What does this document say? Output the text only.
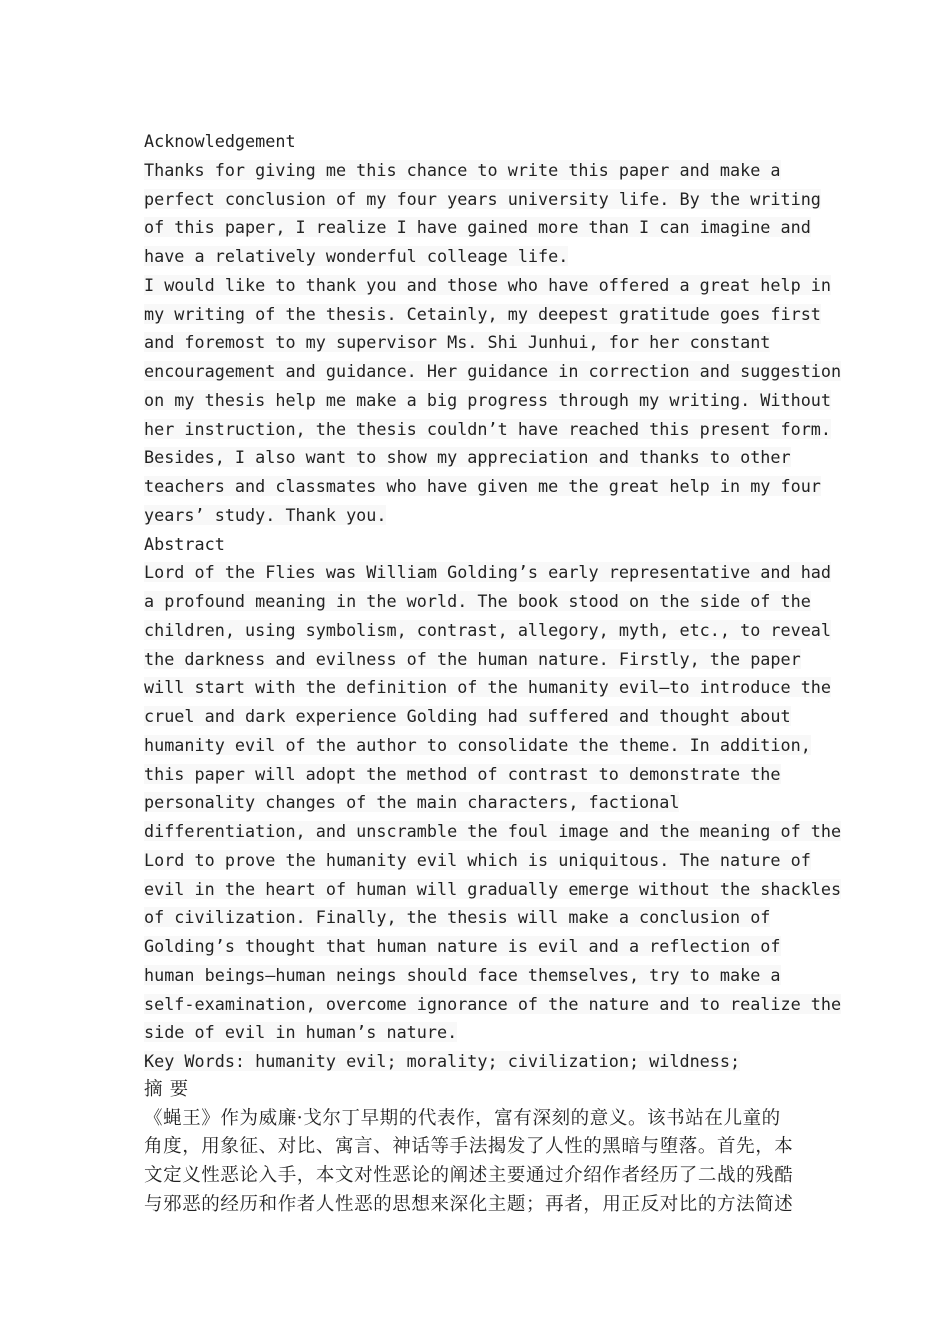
Acknowledgement
Thanks for giving me this chance to write this paper and make a
perfect conclusion of my four years university life. By the writing
of this paper, I realize I have gained more than I can imagine and
have a relatively wonderful colleage life.
I would like to thank you and those who have offered a great help in
my writing of the thesis. Cetainly, my deepest gratitude goes first
and foremost to my supervisor Ms. Shi Junhui, for her constant
encouragement and guidance. Her guidance in correction and suggestion
on my thesis help me make a big progress through my writing. Without
her instruction, the thesis couldn’t have reached this present form.
Besides, I also want to show my appreciation and thanks to other
teachers and classmates who have given me the great help in my four
years’ study. Thank you.
Abstract
Lord of the Flies was William Golding’s early representative and had
a profound meaning in the world. The book stood on the side of the
children, using symbolism, contrast, allegory, myth, etc., to reveal
the darkness and evilness of the human nature. Firstly, the paper
will start with the definition of the humanity evil—to introduce the
cruel and dark experience Golding had suffered and thought about
humanity evil of the author to consolidate the theme. In addition,
this paper will adopt the method of contrast to demonstrate the
personality changes of the main characters, factional
differentiation, and unscramble the foul image and the meaning of the
Lord to prove the humanity evil which is uniquitous. The nature of
evil in the heart of human will gradually emerge without the shackles
of civilization. Finally, the thesis will make a conclusion of
Golding’s thought that human nature is evil and a reflection of
human beings—human neings should face themselves, try to make a
self-examination, overcome ignorance of the nature and to realize the
side of evil in human’s nature.
Key Words: humanity evil; morality; civilization; wildness;
摘 要
《蝇王》作为威廉·戈尔丁早期的代表作，富有深刻的意义。该书站在儿童的
角度，用象征、对比、寓言、神话等手法揭发了人性的黑暗与堕落。首先，本
文定义性恶论入手，本文对性恶论的阐述主要通过介绍作者经历了二战的残酷
与邪恶的经历和作者人性恶的思想来深化主题；再者，用正反对比的方法简述
